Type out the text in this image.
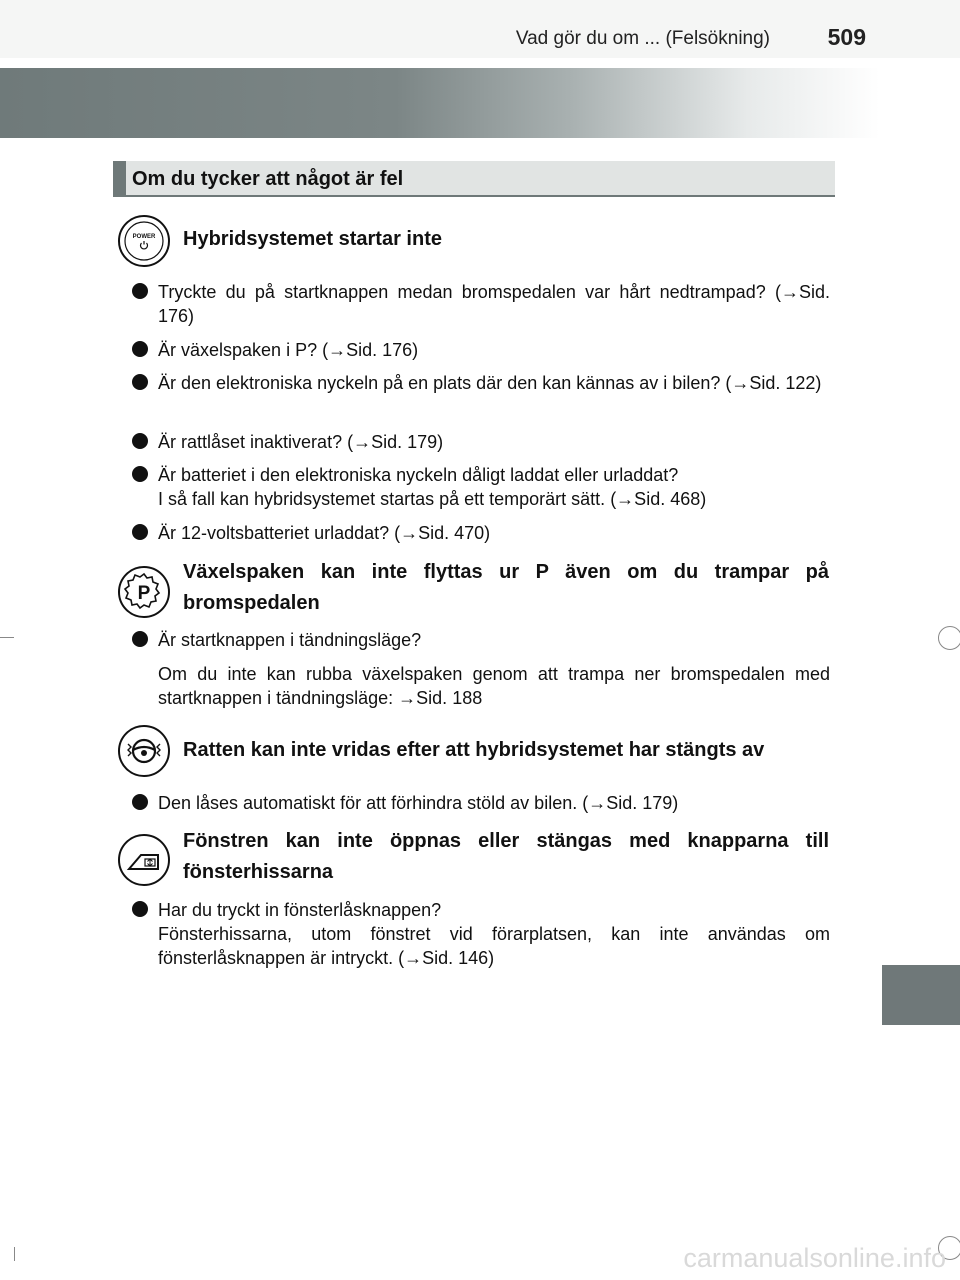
Vad gör du om ... (Felsökning)	509
Om du tycker att något är fel
POWER Hybridsystemet startar inte
Tryckte du på startknappen medan bromspedalen var hårt nedtrampad? (→Sid. 176)
Är växelspaken i P? (→Sid. 176)
Är den elektroniska nyckeln på en plats där den kan kännas av i bilen? (→Sid. 122)
Är rattlåset inaktiverat? (→Sid. 179)
Är batteriet i den elektroniska nyckeln dåligt laddat eller urladdat?
I så fall kan hybridsystemet startas på ett temporärt sätt. (→Sid. 468)
Är 12-voltsbatteriet urladdat? (→Sid. 470)
P
Växelspaken kan inte flyttas ur P även om du trampar på bromspedalen
Är startknappen i tändningsläge?
Om du inte kan rubba växelspaken genom att trampa ner bromspedalen med startknappen i tändningsläge: →Sid. 188
Ratten kan inte vridas efter att hybridsystemet har stängts av
Den låses automatiskt för att förhindra stöld av bilen. (→Sid. 179)
Fönstren kan inte öppnas eller stängas med knapparna till fönsterhissarna
Har du tryckt in fönsterlåsknappen?
Fönsterhissarna, utom fönstret vid förarplatsen, kan inte användas om fönsterlåsknappen är intryckt. (→Sid. 146)
carmanualsonline.info
